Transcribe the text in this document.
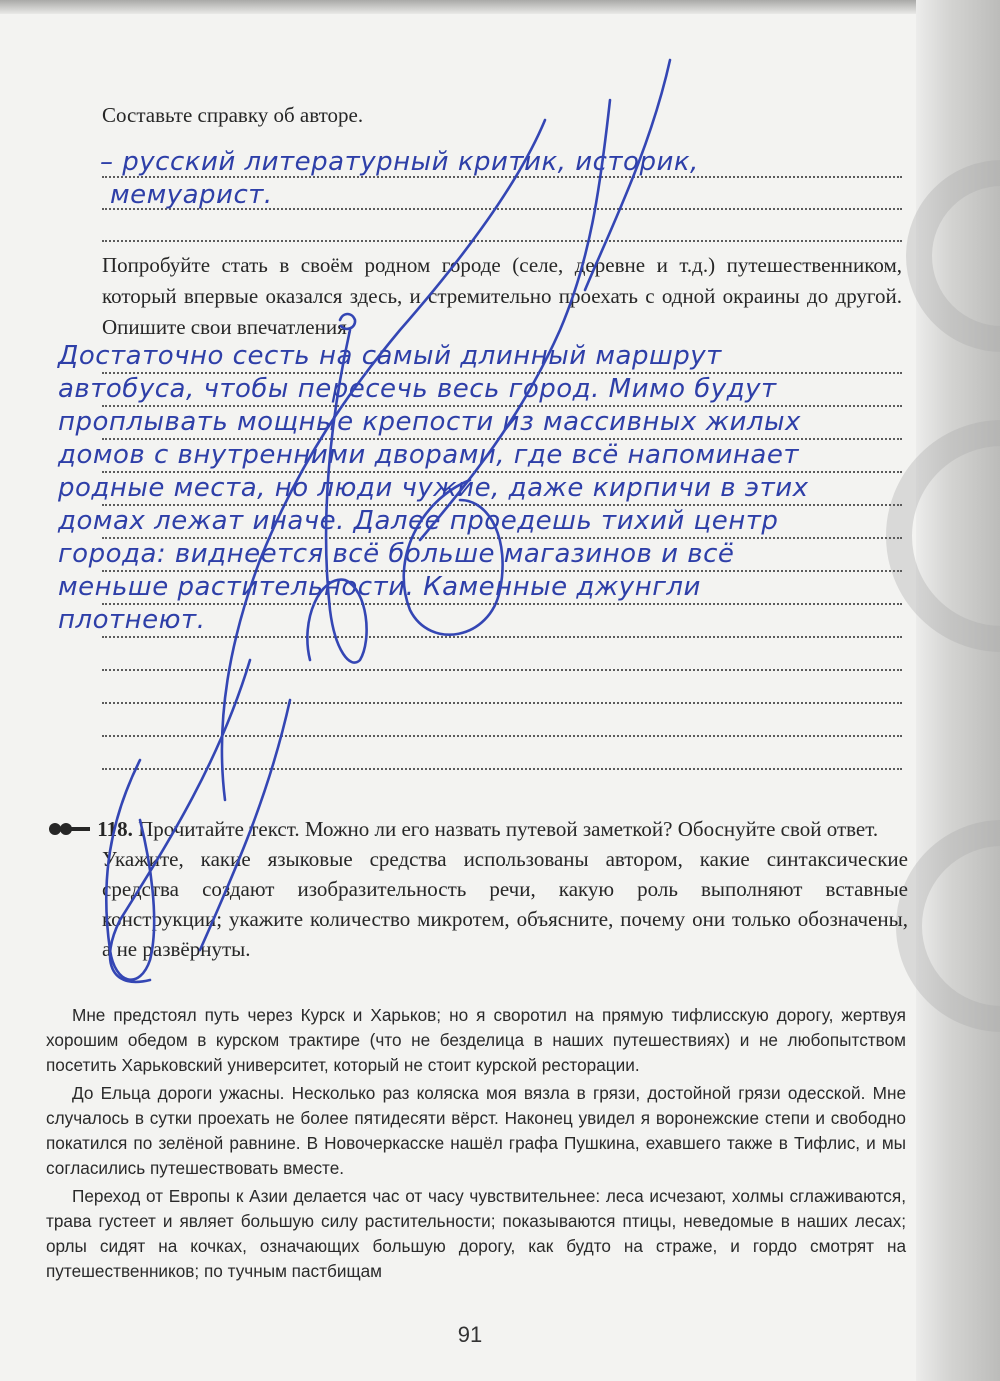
Составьте справку об авторе.

– русский литературный критик, историк,
мемуарист.

Попробуйте стать в своём родном городе (селе, деревне и т.д.) путешественником, который впервые оказался здесь, и стремительно проехать с одной окраины до другой. Опишите свои впечатления.

Достаточно сесть на самый длинный маршрут
автобуса, чтобы пересечь весь город. Мимо будут
проплывать мощные крепости из массивных жилых
домов с внутренними дворами, где всё напоминает
родные места, но люди чужие, даже кирпичи в этих
домах лежат иначе. Далее проедешь тихий центр
города: виднеется всё больше магазинов и всё
меньше растительности. Каменные джунгли
плотнеют.
118. Прочитайте текст. Можно ли его назвать путевой заметкой? Обоснуйте свой ответ.
Укажите, какие языковые средства использованы автором, какие синтаксические средства создают изобразительность речи, какую роль выполняют вставные конструкции; укажите количество микротем, объясните, почему они только обозначены, а не развёрнуты.

Мне предстоял путь через Курск и Харьков; но я своротил на прямую тифлисскую дорогу, жертвуя хорошим обедом в курском трактире (что не безделица в наших путешествиях) и не любопытством посетить Харьковский университет, который не стоит курской ресторации.

До Ельца дороги ужасны. Несколько раз коляска моя вязла в грязи, достойной грязи одесской. Мне случалось в сутки проехать не более пятидесяти вёрст. Наконец увидел я воронежские степи и свободно покатился по зелёной равнине. В Новочеркасске нашёл графа Пушкина, ехавшего также в Тифлис, и мы согласились путешествовать вместе.

Переход от Европы к Азии делается час от часу чувствительнее: леса исчезают, холмы сглаживаются, трава густеет и являет большую силу растительности; показываются птицы, неведомые в наших лесах; орлы сидят на кочках, означающих большую дорогу, как будто на страже, и гордо смотрят на путешественников; по тучным пастбищам

91
